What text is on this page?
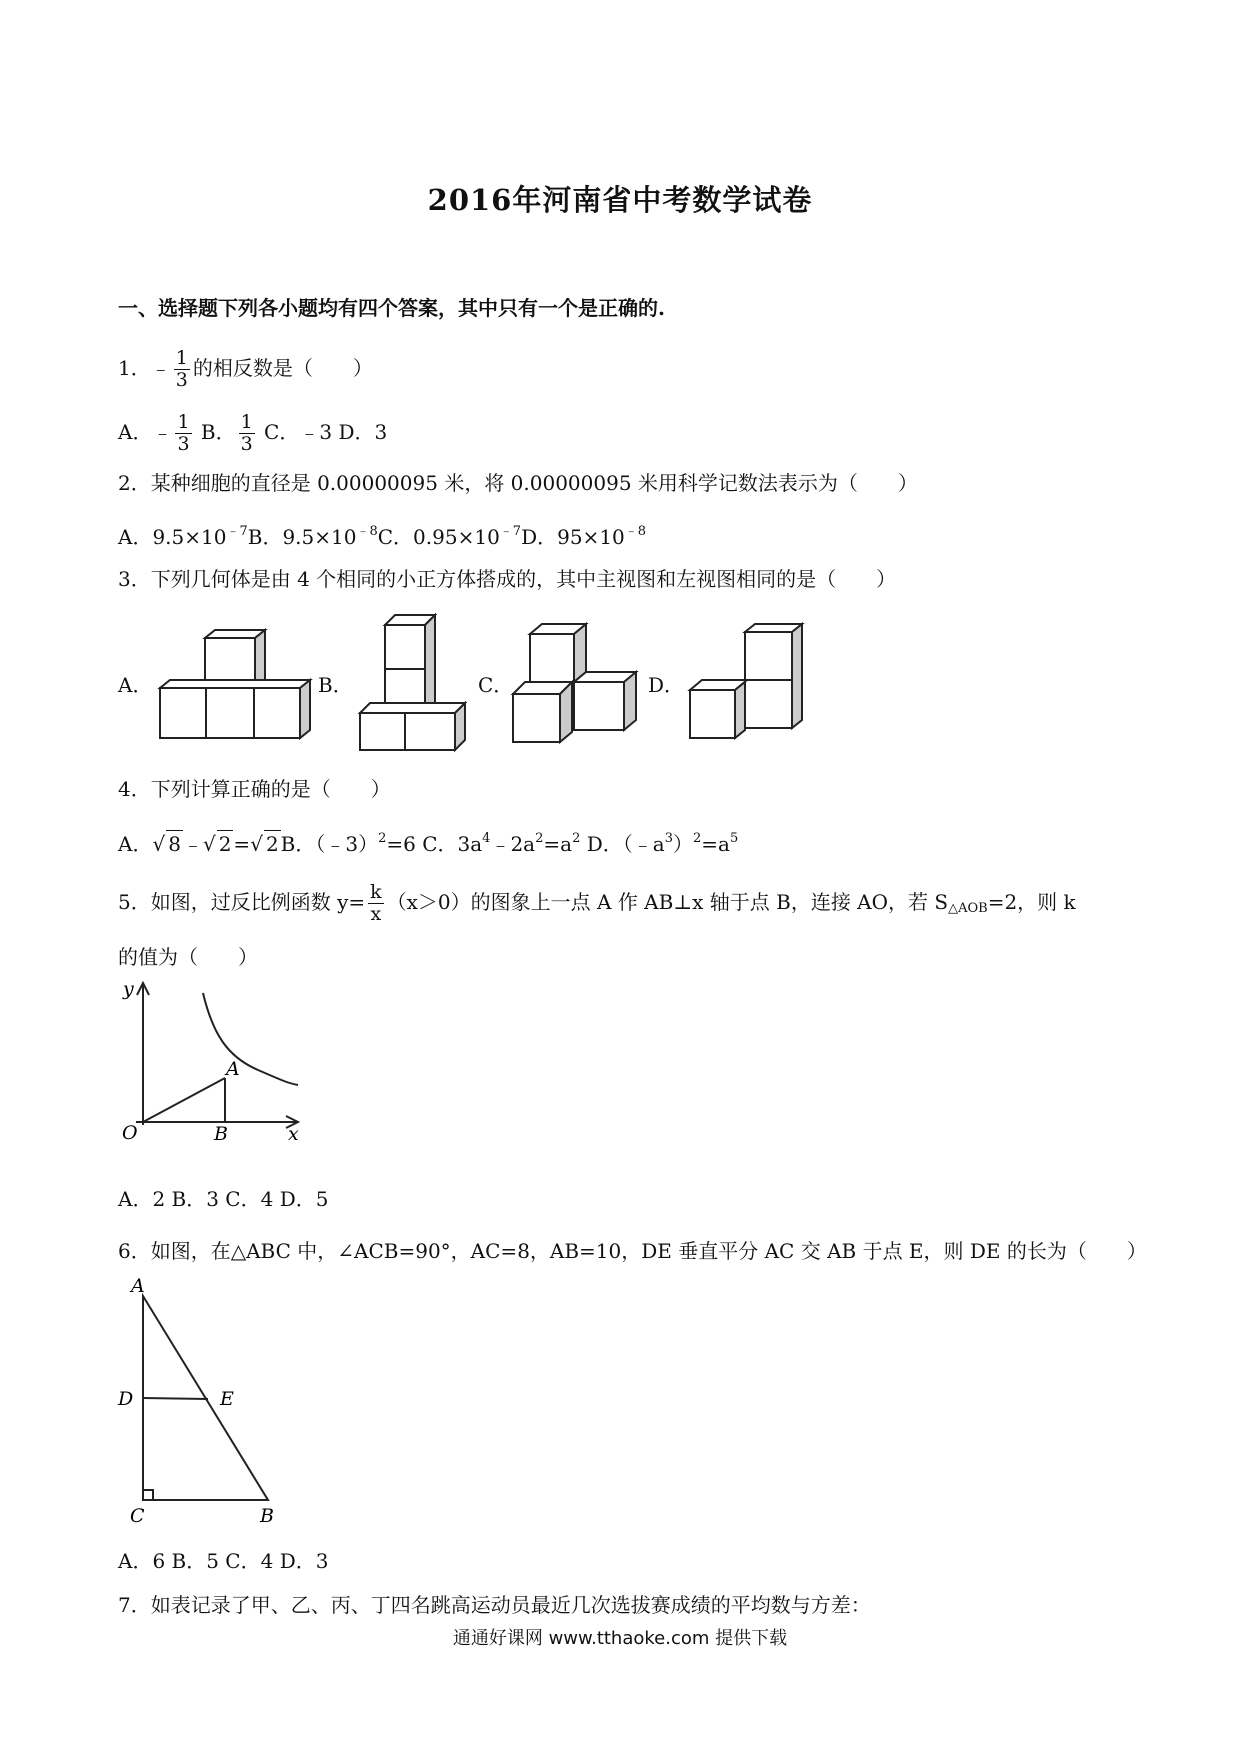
2016年河南省中考数学试卷
一、选择题下列各小题均有四个答案，其中只有一个是正确的.
1．﹣ $\frac{1}{3}$ 的相反数是（　　）
A．﹣ $\frac{1}{3}$ B． $\frac{1}{3}$ C．﹣3 D．3
2．某种细胞的直径是 0.00000095 米，将 0.00000095 米用科学记数法表示为（　　）
A．$9.5\times 10^{﹣7}B$．$9.5\times 10^{﹣8}C$．$0.95\times 10^{﹣7}D$．$95\times 10^{﹣8}$
3．下列几何体是由 4 个相同的小正方体搭成的，其中主视图和左视图相同的是（　　）
A．	B．	C．	D．
4．下列计算正确的是（　　）
A．√ 8 ﹣√ 2 =√ 2 B．（﹣3）$^2$=6 C．$3a^4﹣2a^2=a^2$ D．$(﹣a^3)^2=a^5$
5．如图，过反比例函数 $y= \frac{k}{x} (x>0)$的图象上一点 A 作 AB⊥x 轴于点 B，连接 AO，若 $S_{\triangle AOB}=2$，则 k
的值为（　　）
y
A
O	B	x
A．2 B．3 C．4 D．5
6．如图，在△ABC 中，∠ACB=90°，AC=8，AB=10，DE 垂直平分 AC 交 AB 于点 E，则 DE 的长为（　　）
A
D	E
C	B
A．6 B．5 C．4 D．3
7．如表记录了甲、乙、丙、丁四名跳高运动员最近几次选拔赛成绩的平均数与方差：
通通好课网 www.tthaoke.com 提供下载
